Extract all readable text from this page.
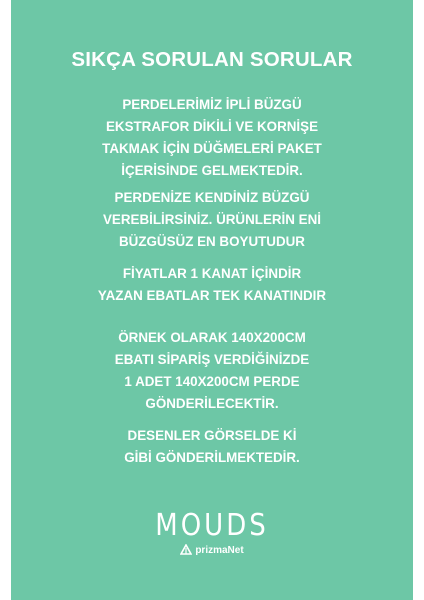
SIKÇA SORULAN SORULAR

PERDELERİMİZ İPLİ BÜZGÜ
EKSTRAFOR DİKİLİ VE KORNİŞE
TAKMAK İÇİN DÜĞMELERİ PAKET
İÇERİSİNDE GELMEKTEDİR.

PERDENİZE KENDİNİZ BÜZGÜ
VEREBİLİRSİNİZ. ÜRÜNLERİN ENİ
BÜZGÜSÜZ EN BOYUTUDUR

FİYATLAR 1 KANAT İÇİNDİR
YAZAN EBATLAR TEK KANATINDIR

ÖRNEK OLARAK 140X200CM
EBATI SİPARİŞ VERDİĞİNİZDE
1 ADET 140X200CM PERDE
GÖNDERİLECEKTİR.

DESENLER GÖRSELDE Kİ
GİBİ GÖNDERİLMEKTEDİR.

MOUDS
prizmaNet
